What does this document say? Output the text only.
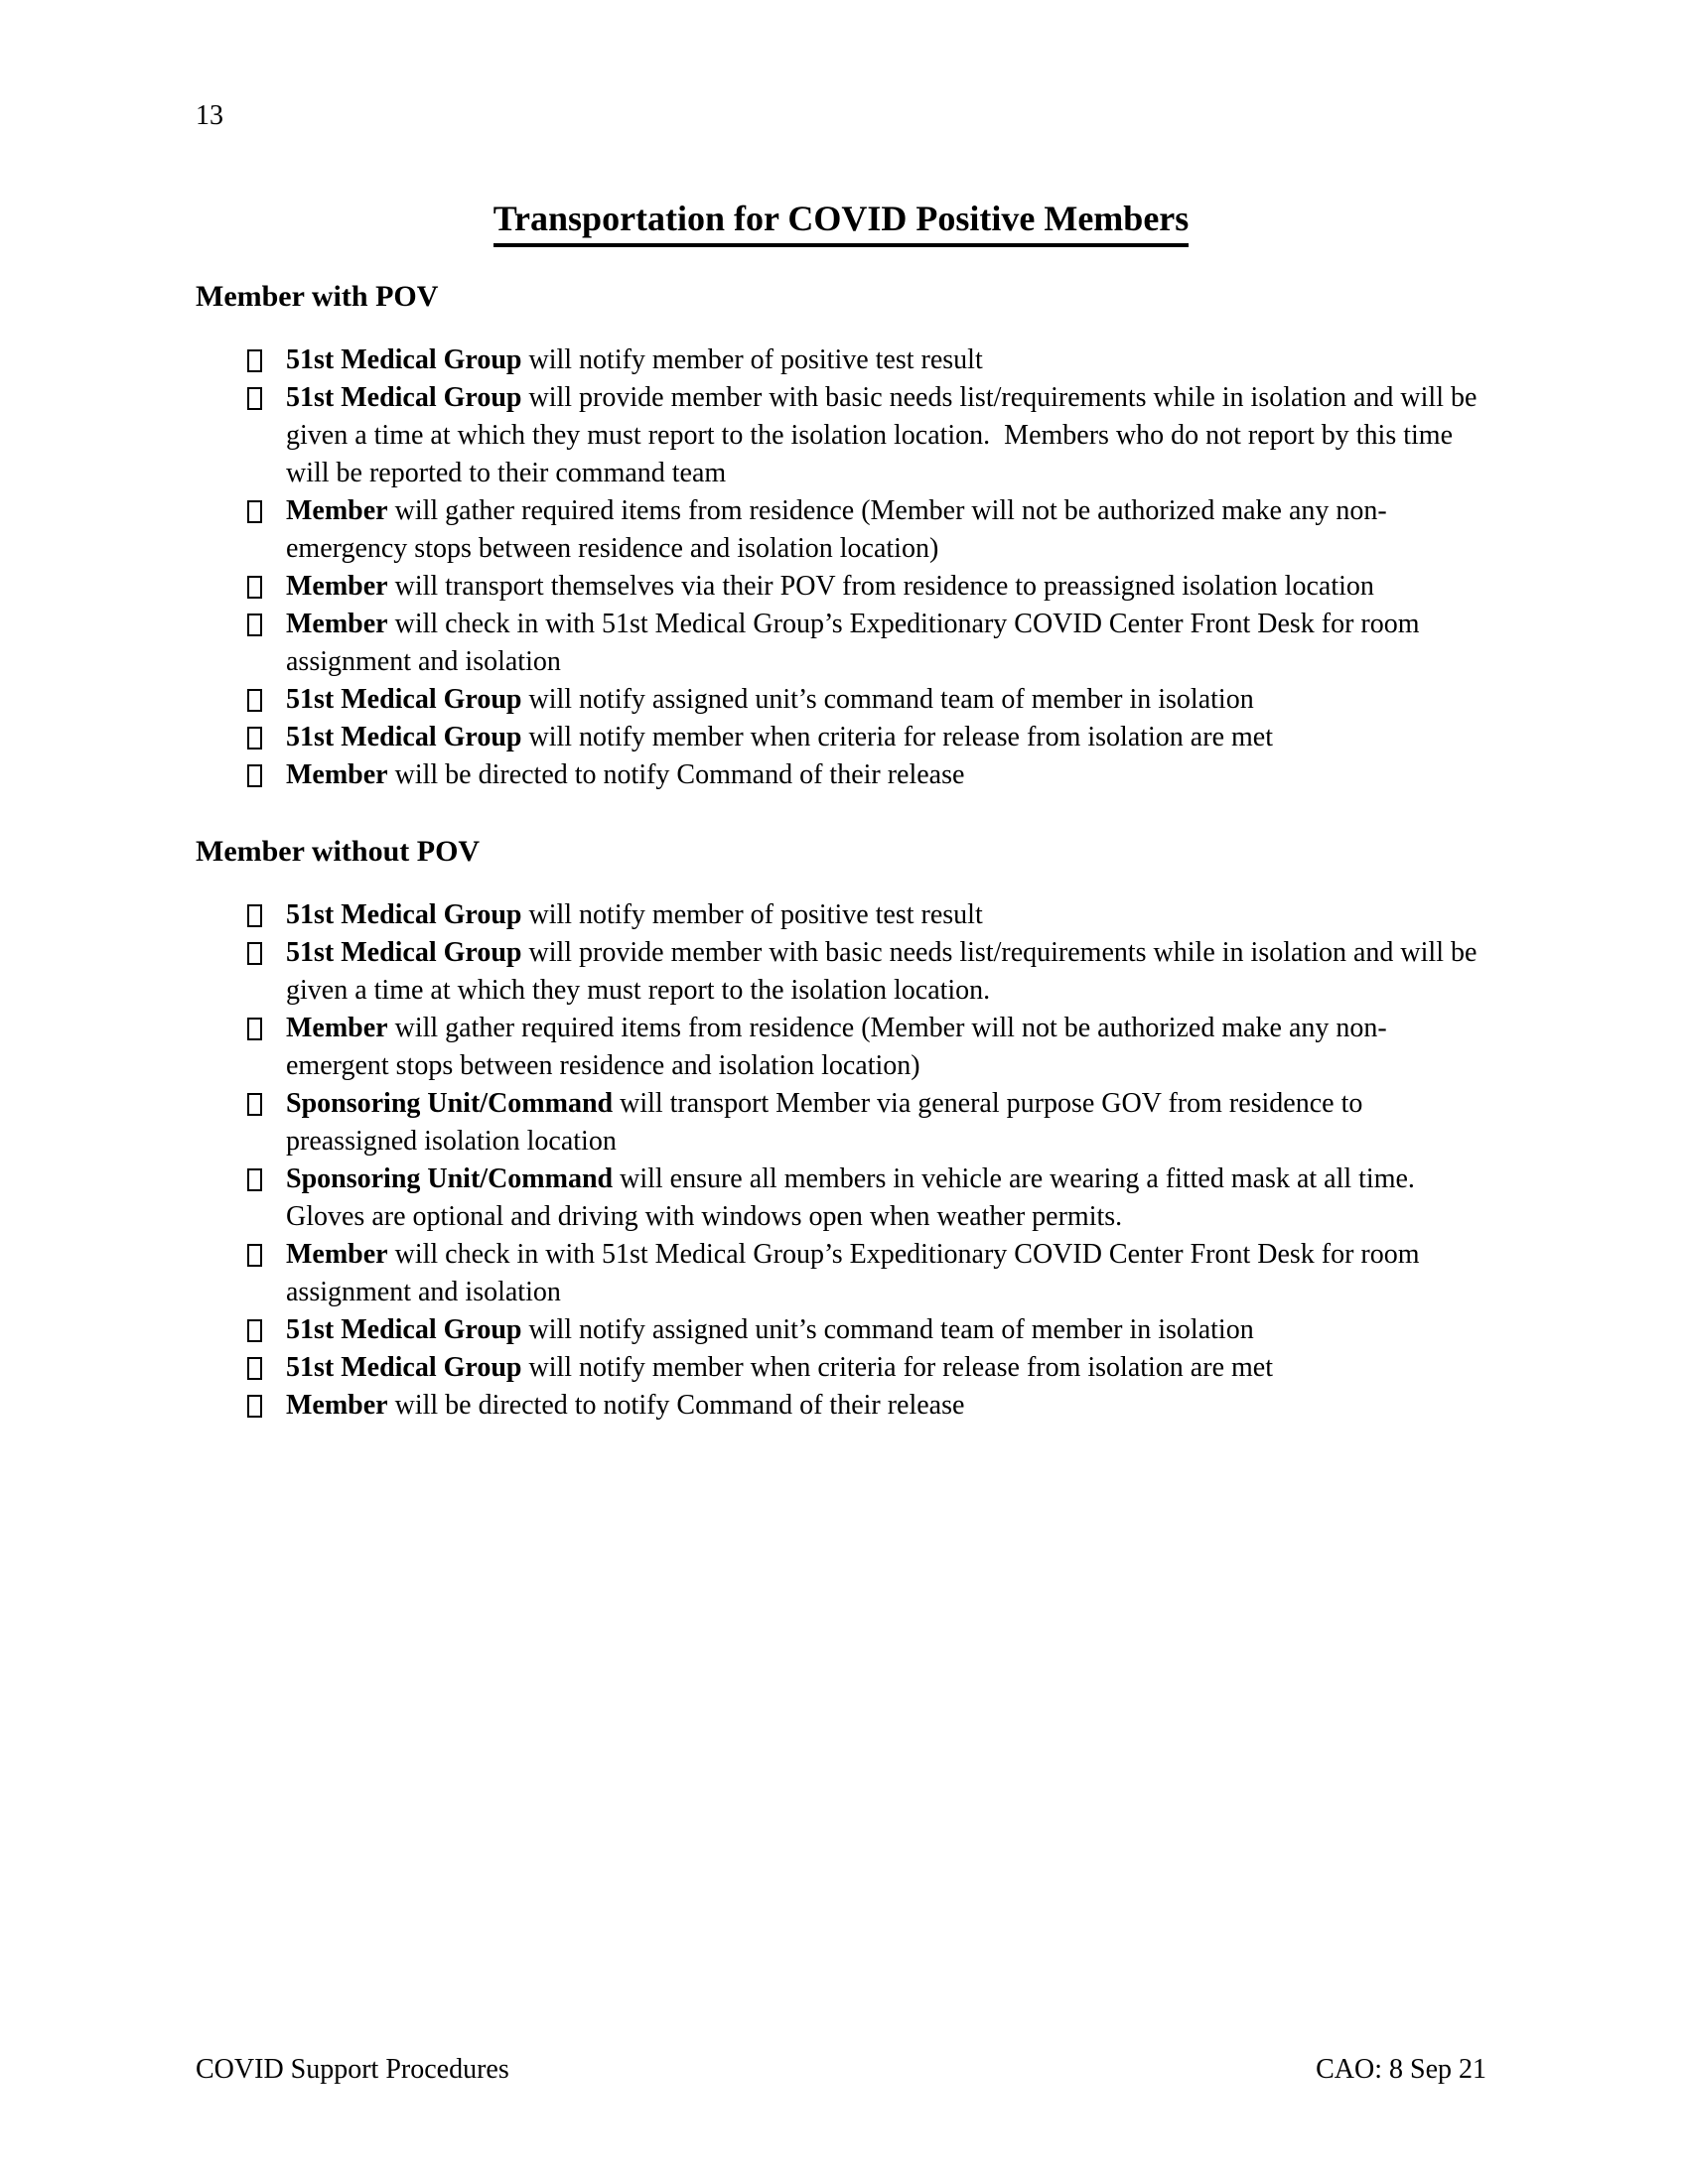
13
Transportation for COVID Positive Members
Member with POV
51st Medical Group will notify member of positive test result
51st Medical Group will provide member with basic needs list/requirements while in isolation and will be given a time at which they must report to the isolation location.  Members who do not report by this time will be reported to their command team
Member will gather required items from residence (Member will not be authorized make any non-emergency stops between residence and isolation location)
Member will transport themselves via their POV from residence to preassigned isolation location
Member will check in with 51st Medical Group’s Expeditionary COVID Center Front Desk for room assignment and isolation
51st Medical Group will notify assigned unit’s command team of member in isolation
51st Medical Group will notify member when criteria for release from isolation are met
Member will be directed to notify Command of their release
Member without POV
51st Medical Group will notify member of positive test result
51st Medical Group will provide member with basic needs list/requirements while in isolation and will be given a time at which they must report to the isolation location.
Member will gather required items from residence (Member will not be authorized make any non-emergent stops between residence and isolation location)
Sponsoring Unit/Command will transport Member via general purpose GOV from residence to preassigned isolation location
Sponsoring Unit/Command will ensure all members in vehicle are wearing a fitted mask at all time.  Gloves are optional and driving with windows open when weather permits.
Member will check in with 51st Medical Group’s Expeditionary COVID Center Front Desk for room assignment and isolation
51st Medical Group will notify assigned unit’s command team of member in isolation
51st Medical Group will notify member when criteria for release from isolation are met
Member will be directed to notify Command of their release
COVID Support Procedures	CAO: 8 Sep 21
